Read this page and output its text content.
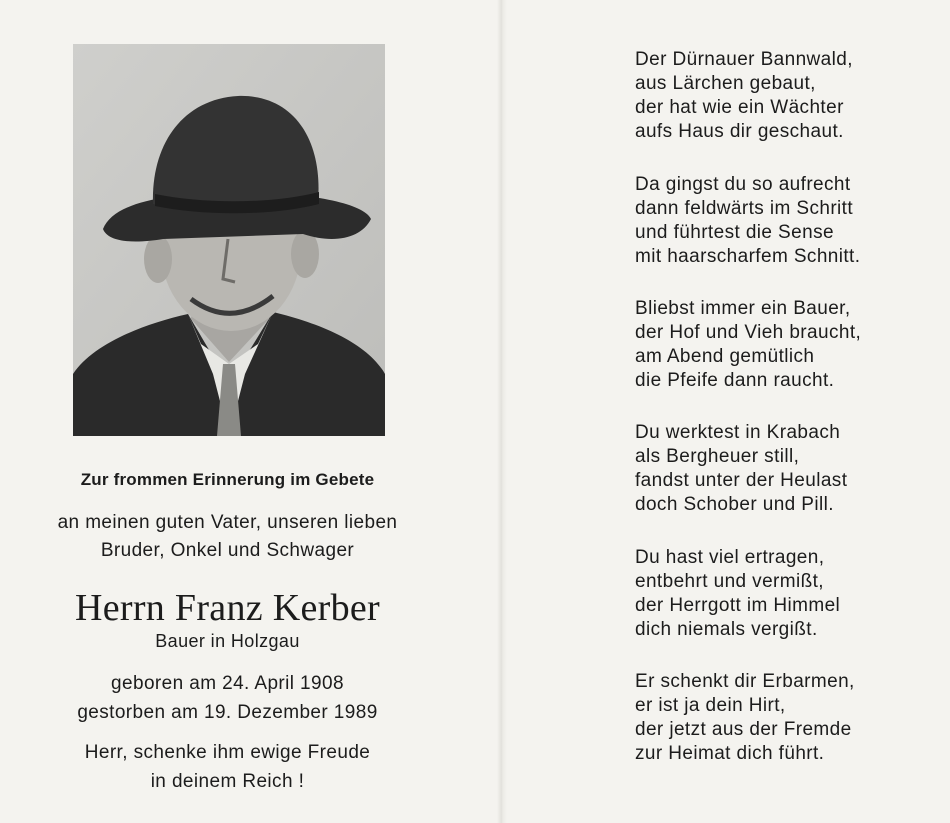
Zur frommen Erinnerung im Gebete
an meinen guten Vater, unseren lieben
Bruder, Onkel und Schwager
Herrn Franz Kerber
Bauer in Holzgau
geboren am 24. April 1908
gestorben am 19. Dezember 1989
Herr, schenke ihm ewige Freude
in deinem Reich !
Der Dürnauer Bannwald,
aus Lärchen gebaut,
der hat wie ein Wächter
aufs Haus dir geschaut.
Da gingst du so aufrecht
dann feldwärts im Schritt
und führtest die Sense
mit haarscharfem Schnitt.
Bliebst immer ein Bauer,
der Hof und Vieh braucht,
am Abend gemütlich
die Pfeife dann raucht.
Du werktest in Krabach
als Bergheuer still,
fandst unter der Heulast
doch Schober und Pill.
Du hast viel ertragen,
entbehrt und vermißt,
der Herrgott im Himmel
dich niemals vergißt.
Er schenkt dir Erbarmen,
er ist ja dein Hirt,
der jetzt aus der Fremde
zur Heimat dich führt.
